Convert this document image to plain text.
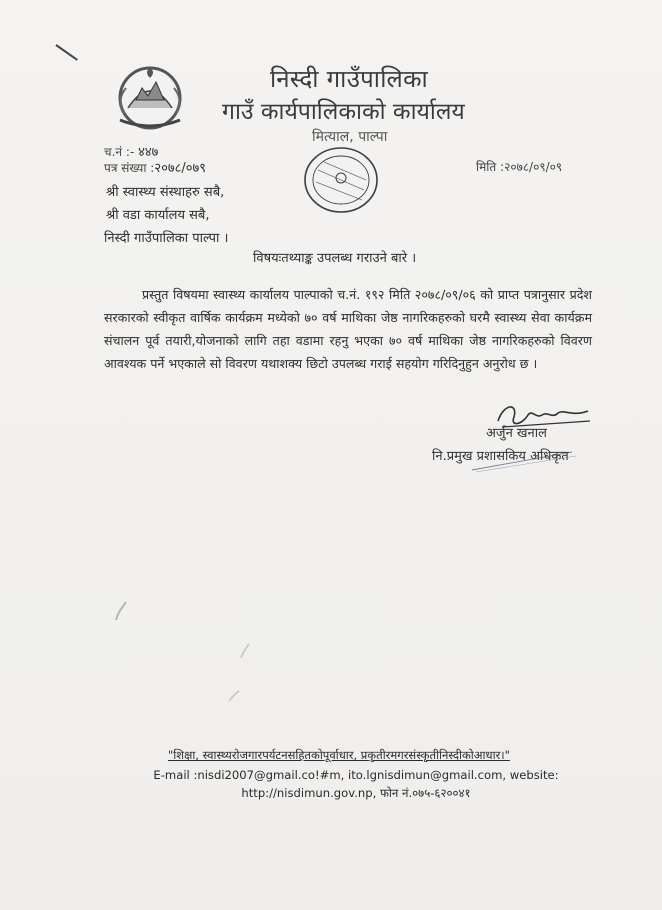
निस्दी गाउँपालिका
गाउँ कार्यपालिकाको कार्यालय
मित्याल, पाल्पा
च.नं :- ४४७
पत्र संख्या :२०७८/०७९	मिति :२०७८/०९/०९
श्री स्वास्थ्य संस्थाहरु सबै,
श्री वडा कार्यालय सबै,
निस्दी गाउँपालिका पाल्पा ।
विषयःतथ्याङ्क उपलब्ध गराउने बारे ।
प्रस्तुत विषयमा स्वास्थ्य कार्यालय पाल्पाको च.नं. १९२ मिति २०७८/०९/०६ को प्राप्त पत्रानुसार प्रदेश सरकारको स्वीकृत वार्षिक कार्यक्रम मध्येको ७० वर्ष माथिका जेष्ठ नागरिकहरुको घरमै स्वास्थ्य सेवा कार्यक्रम संचालन पूर्व तयारी,योजनाको लागि तहा वडामा रहनु भएका ७० वर्ष माथिका जेष्ठ नागरिकहरुको विवरण आवश्यक पर्ने भएकाले सो विवरण यथाशक्य छिटो उपलब्ध गराई सहयोग गरिदिनुहुन अनुरोध छ ।
अर्जुन खनाल
नि.प्रमुख प्रशासकिय अधिकृत
"शिक्षा, स्वास्थ्यरोजगारपर्यटनसहितकोपूर्वाधार, प्रकृतीरमगरसंस्कृतीनिस्दीकोआधार।"
E-mail :nisdi2007@gmail.co!#m, ito.lgnisdimun@gmail.com, website: http://nisdimun.gov.np, फोन नं.०७५-६२००४१
